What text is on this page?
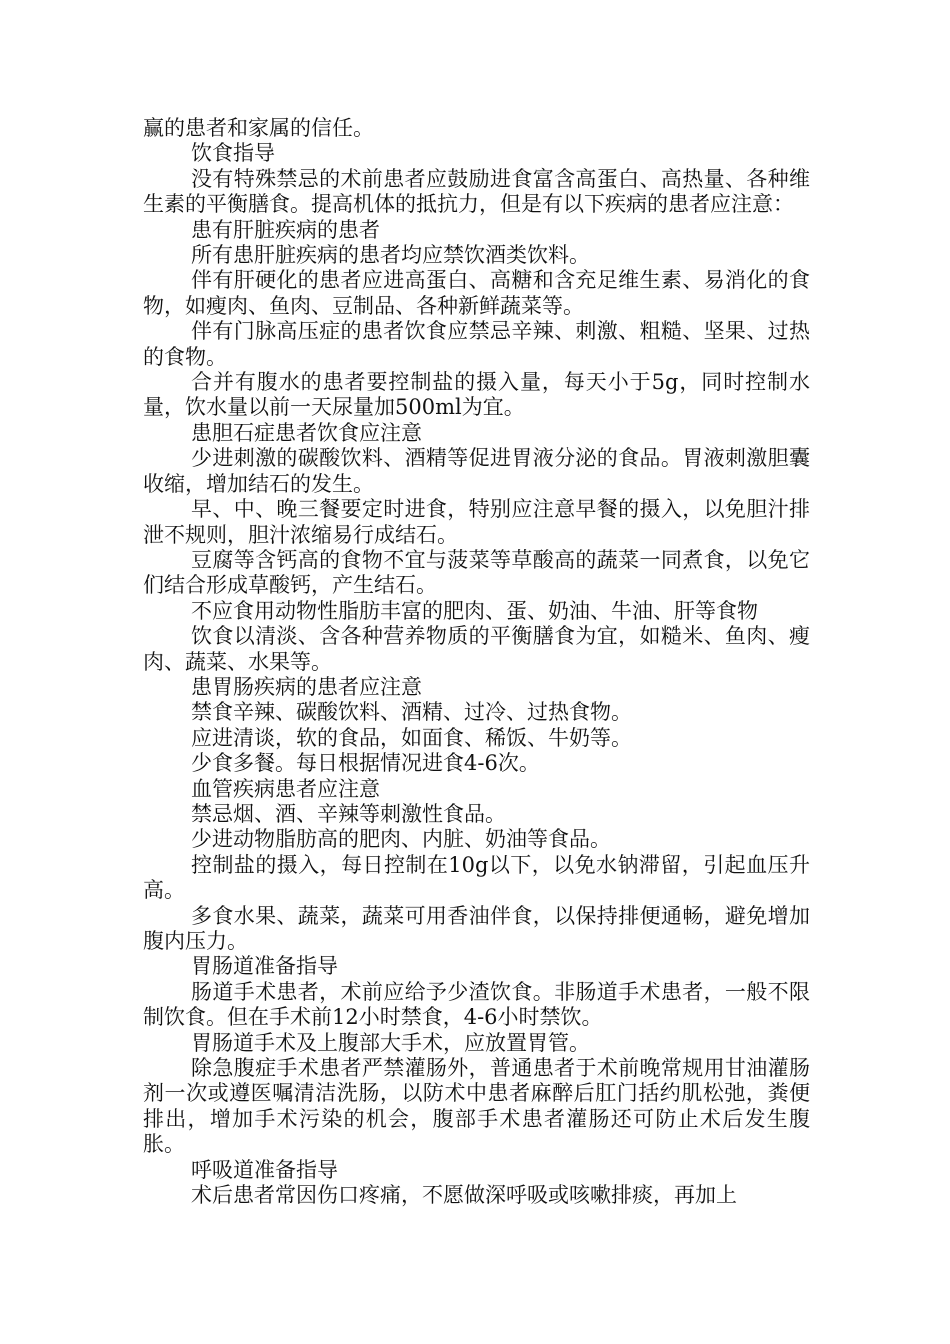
赢的患者和家属的信任。

饮食指导

没有特殊禁忌的术前患者应鼓励进食富含高蛋白、高热量、各种维生素的平衡膳食。提高机体的抵抗力，但是有以下疾病的患者应注意：

患有肝脏疾病的患者

所有患肝脏疾病的患者均应禁饮酒类饮料。

伴有肝硬化的患者应进高蛋白、高糖和含充足维生素、易消化的食物，如瘦肉、鱼肉、豆制品、各种新鲜蔬菜等。

伴有门脉高压症的患者饮食应禁忌辛辣、刺激、粗糙、坚果、过热的食物。

合并有腹水的患者要控制盐的摄入量，每天小于5g，同时控制水量，饮水量以前一天尿量加500ml为宜。

患胆石症患者饮食应注意

少进刺激的碳酸饮料、酒精等促进胃液分泌的食品。胃液刺激胆囊收缩，增加结石的发生。

早、中、晚三餐要定时进食，特别应注意早餐的摄入，以免胆汁排泄不规则，胆汁浓缩易行成结石。

豆腐等含钙高的食物不宜与菠菜等草酸高的蔬菜一同煮食，以免它们结合形成草酸钙，产生结石。

不应食用动物性脂肪丰富的肥肉、蛋、奶油、牛油、肝等食物

饮食以清淡、含各种营养物质的平衡膳食为宜，如糙米、鱼肉、瘦肉、蔬菜、水果等。

患胃肠疾病的患者应注意

禁食辛辣、碳酸饮料、酒精、过冷、过热食物。

应进清谈，软的食品，如面食、稀饭、牛奶等。

少食多餐。每日根据情况进食4-6次。

血管疾病患者应注意

禁忌烟、酒、辛辣等刺激性食品。

少进动物脂肪高的肥肉、内脏、奶油等食品。

控制盐的摄入，每日控制在10g以下，以免水钠滞留，引起血压升高。

多食水果、蔬菜，蔬菜可用香油伴食，以保持排便通畅，避免增加腹内压力。

胃肠道准备指导

肠道手术患者，术前应给予少渣饮食。非肠道手术患者，一般不限制饮食。但在手术前12小时禁食，4-6小时禁饮。

胃肠道手术及上腹部大手术，应放置胃管。

除急腹症手术患者严禁灌肠外，普通患者于术前晚常规用甘油灌肠剂一次或遵医嘱清洁洗肠，以防术中患者麻醉后肛门括约肌松弛，粪便排出，增加手术污染的机会，腹部手术患者灌肠还可防止术后发生腹胀。

呼吸道准备指导

术后患者常因伤口疼痛，不愿做深呼吸或咳嗽排痰，再加上
